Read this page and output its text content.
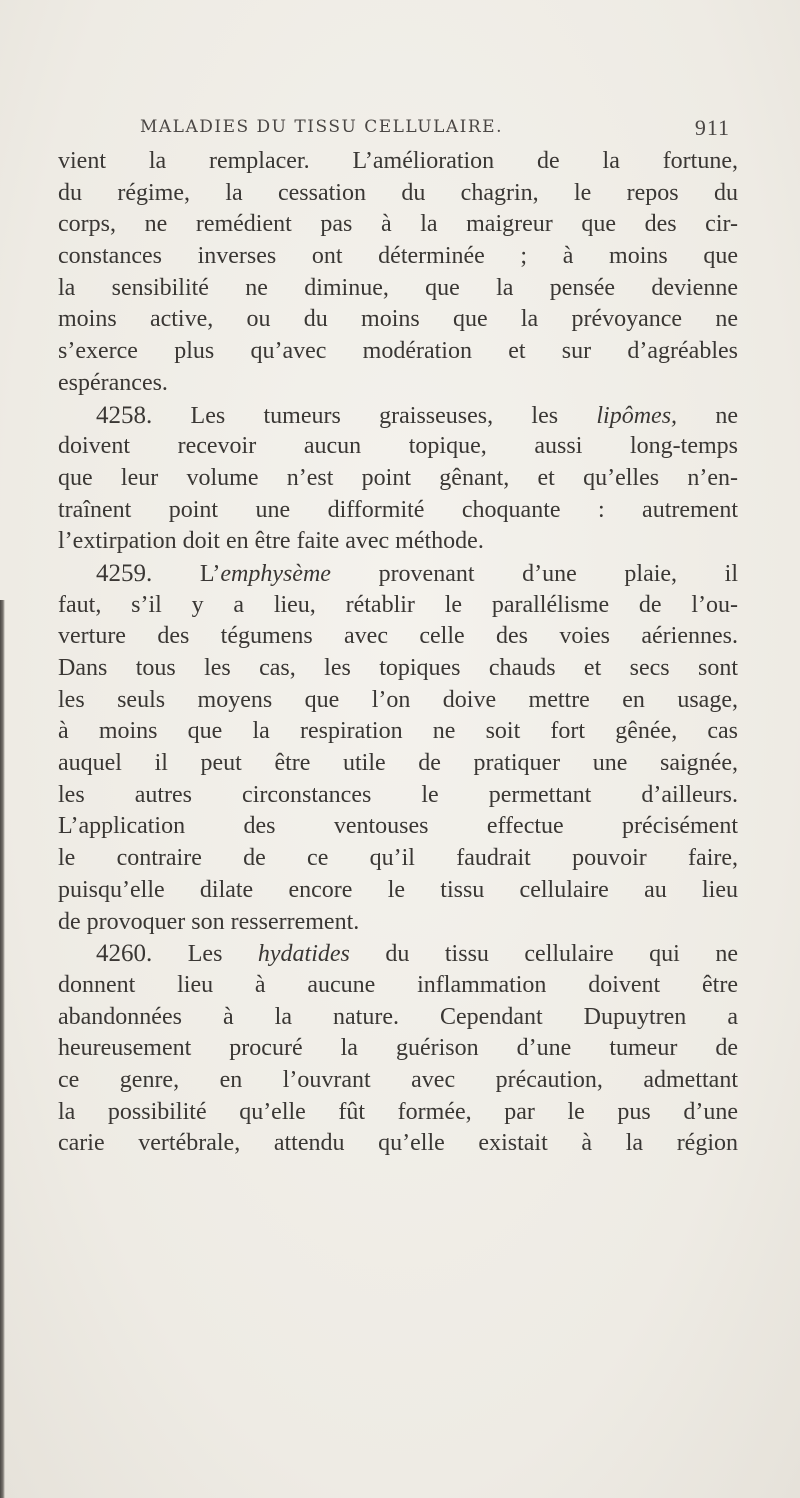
MALADIES DU TISSU CELLULAIRE.	911
vient la remplacer. L’amélioration de la fortune,
du régime, la cessation du chagrin, le repos du
corps, ne remédient pas à la maigreur que des cir-
constances inverses ont déterminée ; à moins que
la sensibilité ne diminue, que la pensée devienne
moins active, ou du moins que la prévoyance ne
s’exerce plus qu’avec modération et sur d’agréables
espérances.
4258. Les tumeurs graisseuses, les lipômes, ne
doivent recevoir aucun topique, aussi long-temps
que leur volume n’est point gênant, et qu’elles n’en-
traînent point une difformité choquante : autrement
l’extirpation doit en être faite avec méthode.
4259. L’emphysème provenant d’une plaie, il
faut, s’il y a lieu, rétablir le parallélisme de l’ou-
verture des tégumens avec celle des voies aériennes.
Dans tous les cas, les topiques chauds et secs sont
les seuls moyens que l’on doive mettre en usage,
à moins que la respiration ne soit fort gênée, cas
auquel il peut être utile de pratiquer une saignée,
les autres circonstances le permettant d’ailleurs.
L’application des ventouses effectue précisément
le contraire de ce qu’il faudrait pouvoir faire,
puisqu’elle dilate encore le tissu cellulaire au lieu
de provoquer son resserrement.
4260. Les hydatides du tissu cellulaire qui ne
donnent lieu à aucune inflammation doivent être
abandonnées à la nature. Cependant Dupuytren a
heureusement procuré la guérison d’une tumeur de
ce genre, en l’ouvrant avec précaution, admettant
la possibilité qu’elle fût formée, par le pus d’une
carie vertébrale, attendu qu’elle existait à la région
